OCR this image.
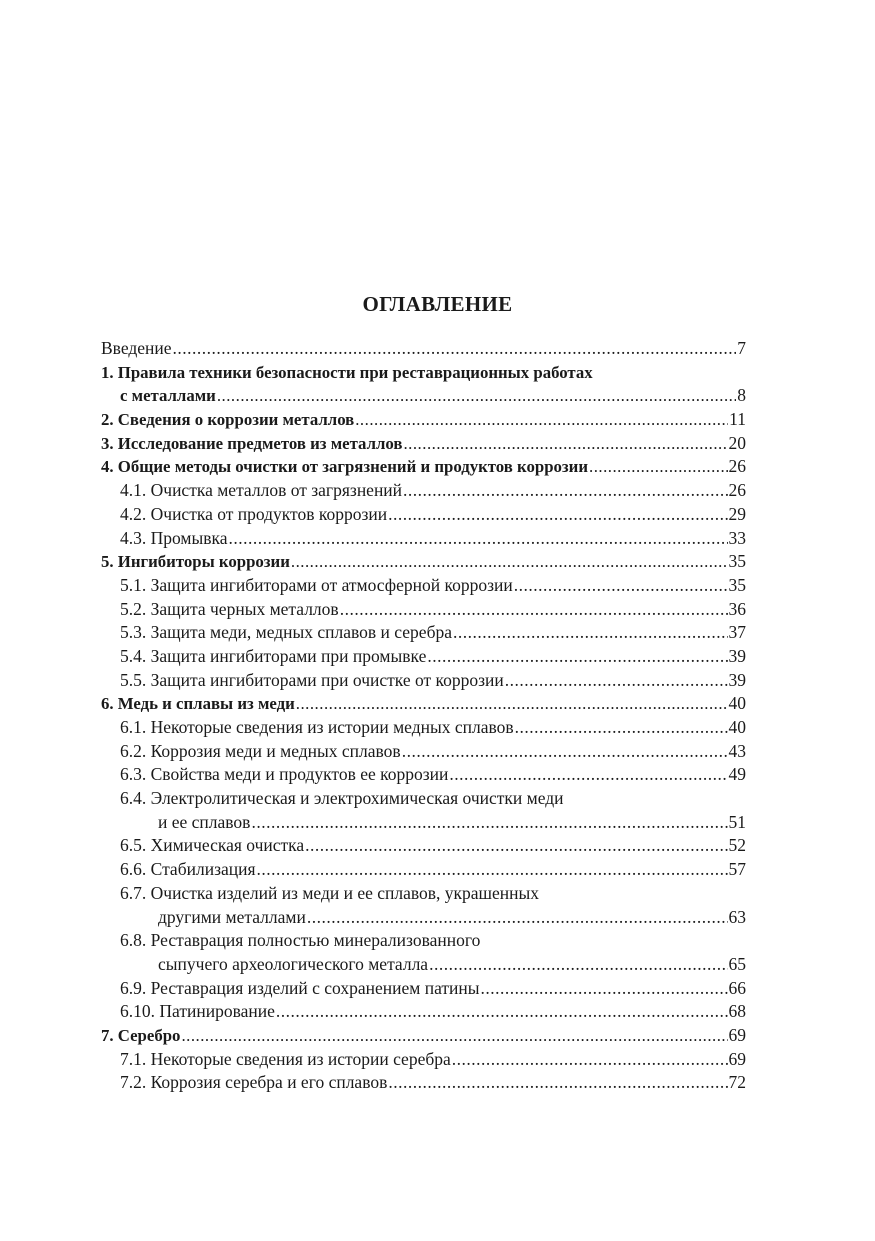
ОГЛАВЛЕНИЕ
Введение .....	7
1. Правила техники безопасности при реставрационных работах
с металлами .....	8
2. Сведения о коррозии металлов .....	11
3. Исследование предметов из металлов .....	20
4. Общие методы очистки от загрязнений и продуктов коррозии .....	26
4.1. Очистка металлов от загрязнений .....	26
4.2. Очистка от продуктов коррозии .....	29
4.3. Промывка .....	33
5. Ингибиторы коррозии .....	35
5.1. Защита ингибиторами от атмосферной коррозии .....	35
5.2. Защита черных металлов .....	36
5.3. Защита меди, медных сплавов и серебра .....	37
5.4. Защита ингибиторами при промывке .....	39
5.5. Защита ингибиторами при очистке от коррозии .....	39
6. Медь и сплавы из меди .....	40
6.1. Некоторые сведения из истории медных сплавов .....	40
6.2. Коррозия меди и медных сплавов .....	43
6.3. Свойства меди и продуктов ее коррозии .....	49
6.4. Электролитическая и электрохимическая очистки меди
и ее сплавов .....	51
6.5. Химическая очистка .....	52
6.6. Стабилизация .....	57
6.7. Очистка изделий из меди и ее сплавов, украшенных
другими металлами .....	63
6.8. Реставрация полностью минерализованного
сыпучего археологического металла .....	65
6.9. Реставрация изделий с сохранением патины .....	66
6.10. Патинирование .....	68
7. Серебро .....	69
7.1. Некоторые сведения из истории серебра .....	69
7.2. Коррозия серебра и его сплавов .....	72
